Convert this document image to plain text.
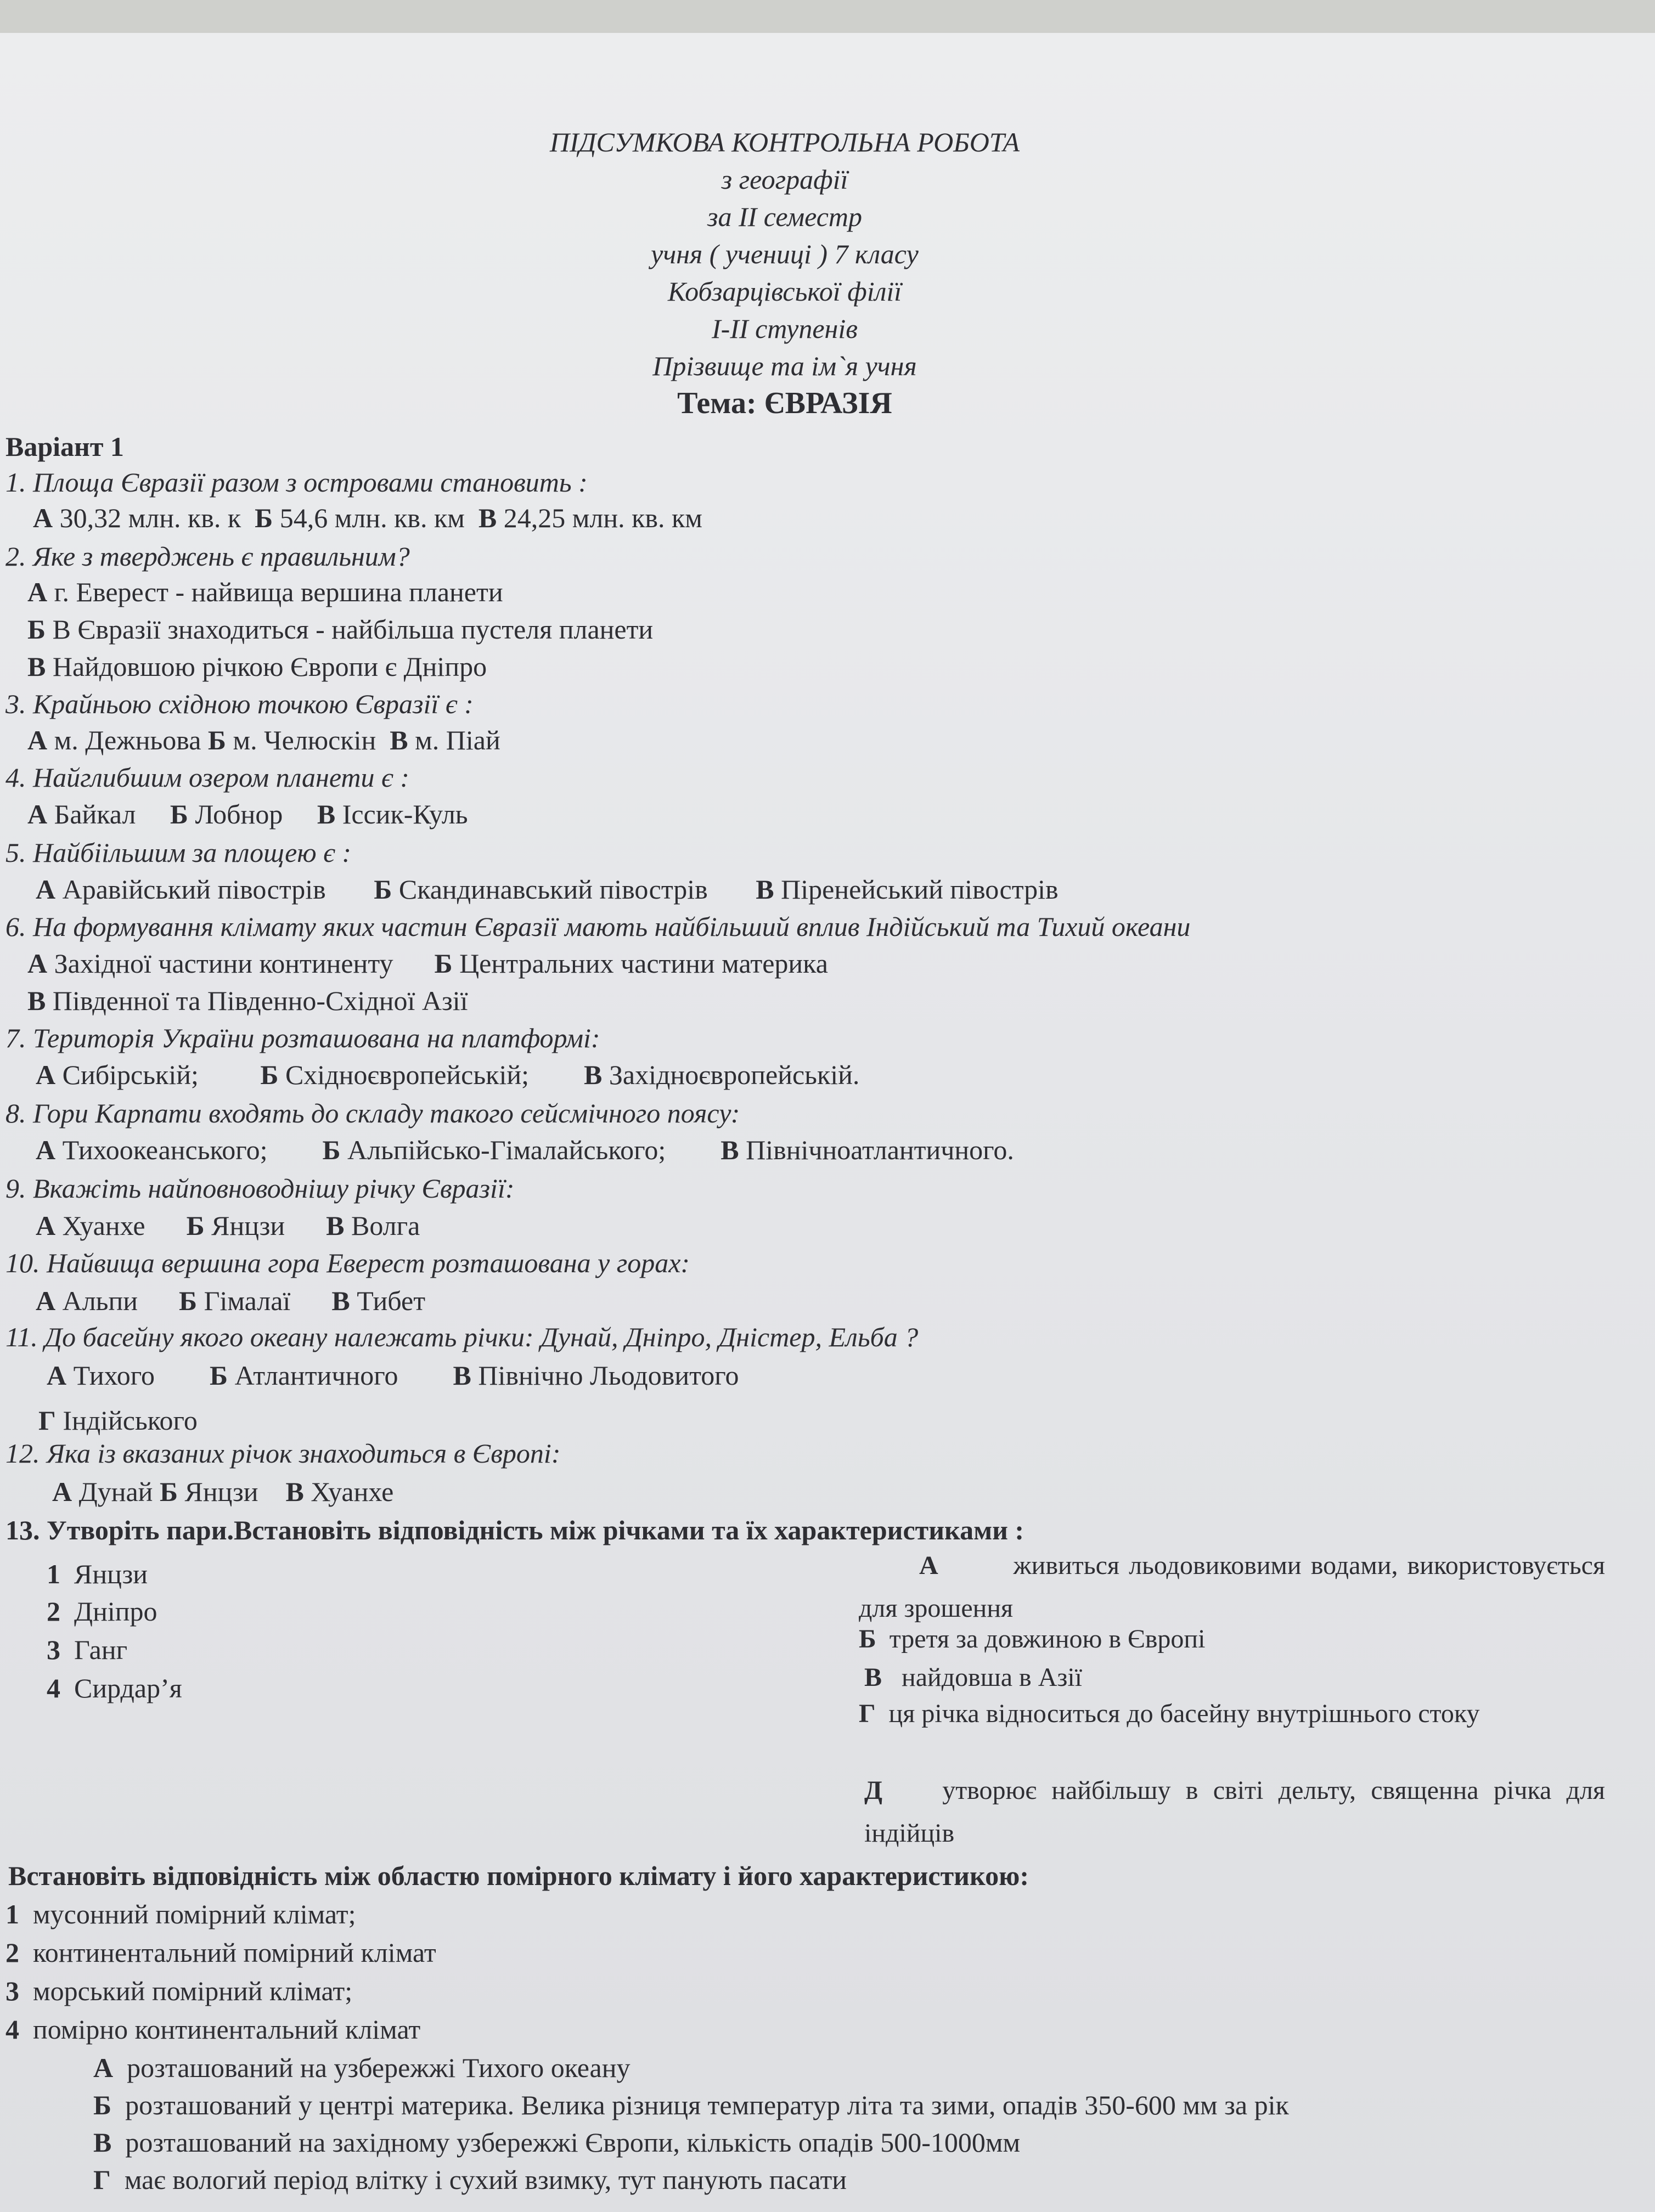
ПІДСУМКОВА КОНТРОЛЬНА РОБОТА
з географії
за ІІ семестр
учня ( учениці ) 7 класу
Кобзарцівської філії
І-ІІ ступенів
Прізвище та ім`я учня
Тема: ЄВРАЗІЯ
Варіант 1
1. Площа Євразії разом з островами становить :
А 30,32 млн. кв. к Б 54,6 млн. кв. км В 24,25 млн. кв. км
2. Яке з тверджень є правильним?
А г. Еверест - найвища вершина планети
Б В Євразії знаходиться - найбільша пустеля планети
В Найдовшою річкою Європи є Дніпро
3. Крайньою східною точкою Євразії є :
А м. Дежньова Б м. Челюскін В м. Піай
4. Найглибшим озером планети є :
А Байкал Б Лобнор В Іссик-Куль
5. Найбіільшим за площею є :
А Аравійський півострів Б Скандинавський півострів В Піренейський півострів
6. На формування клімату яких частин Євразії мають найбільший вплив Індійський та Тихий океани
А Західної частини континенту Б Центральних частини материка
В Південної та Південно-Східної Азії
7. Територія України розташована на платформі:
А Сибірській; Б Східноєвропейській; В Західноєвропейській.
8. Гори Карпати входять до складу такого сейсмічного поясу:
А Тихоокеанського; Б Альпійсько-Гімалайського; В Північноатлантичного.
9. Вкажіть найповноводнішу річку Євразії:
А Хуанхе Б Янцзи В Волга
10. Найвища вершина гора Еверест розташована у горах:
А Альпи Б Гімалаї В Тибет
11. До басейну якого океану належать річки: Дунай, Дніпро, Дністер, Ельба ?
А Тихого Б Атлантичного В Північно Льодовитого
Г Індійського
12. Яка із вказаних річок знаходиться в Європі:
А Дунай Б Янцзи В Хуанхе
13. Утворіть пари.Встановіть відповідність між річками та їх характеристиками :
1 Янцзи
2 Дніпро
3 Ганг
4 Сирдар’я
А	живиться льодовиковими водами, використовується для зрошення
Б третя за довжиною в Європі
В найдовша в Азії
Г ця річка відноситься до басейну внутрішнього стоку
Д утворює найбільшу в світі дельту, священна річка для індійців
Встановіть відповідність між областю помірного клімату і його характеристикою:
1 мусонний помірний клімат;
2 континентальний помірний клімат
3 морський помірний клімат;
4 помірно континентальний клімат
А розташований на узбережжі Тихого океану
Б розташований у центрі материка. Велика різниця температур літа та зими, опадів 350-600 мм за рік
В розташований на західному узбережжі Європи, кількість опадів 500-1000мм
Г має вологий період влітку і сухий взимку, тут панують пасати
